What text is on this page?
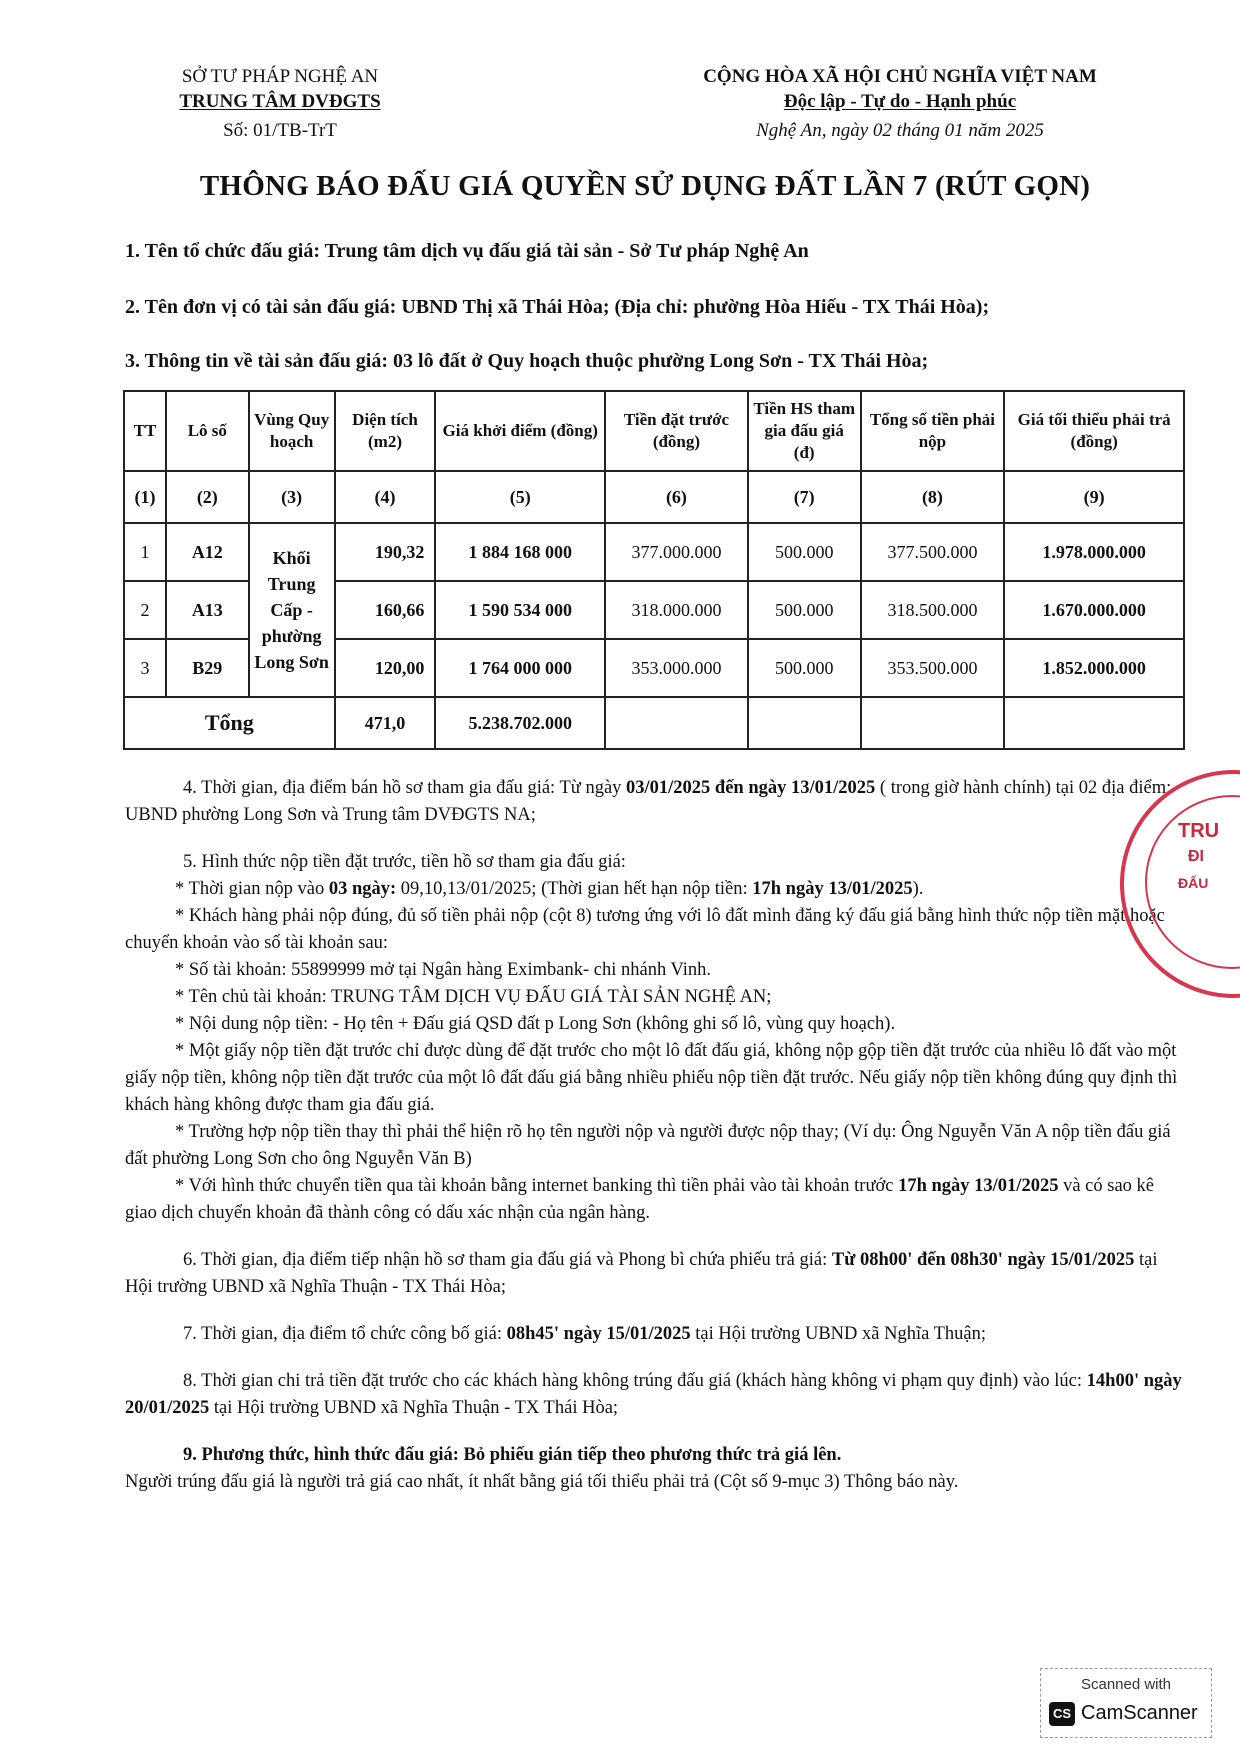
SỞ TƯ PHÁP NGHỆ AN
TRUNG TÂM DVĐGTS
Số: 01/TB-TrT
CỘNG HÒA XÃ HỘI CHỦ NGHĨA VIỆT NAM
Độc lập - Tự do - Hạnh phúc
Nghệ An, ngày 02 tháng 01 năm 2025
THÔNG BÁO ĐẤU GIÁ QUYỀN SỬ DỤNG ĐẤT LẦN 7 (RÚT GỌN)
1. Tên tổ chức đấu giá: Trung tâm dịch vụ đấu giá tài sản - Sở Tư pháp Nghệ An
2. Tên đơn vị có tài sản đấu giá: UBND Thị xã Thái Hòa; (Địa chỉ: phường Hòa Hiếu - TX Thái Hòa);
3. Thông tin về tài sản đấu giá: 03 lô đất ở Quy hoạch thuộc phường Long Sơn - TX Thái Hòa;
TT	Lô số	Vùng Quy hoạch	Diện tích (m2)	Giá khởi điểm (đồng)	Tiền đặt trước (đồng)	Tiền HS tham gia đấu giá (đ)	Tổng số tiền phải nộp	Giá tối thiểu phải trả (đồng)
(1)	(2)	(3)	(4)	(5)	(6)	(7)	(8)	(9)
1	A12	Khối Trung Cấp - phường Long Sơn	190,32	1 884 168 000	377.000.000	500.000	377.500.000	1.978.000.000
2	A13		160,66	1 590 534 000	318.000.000	500.000	318.500.000	1.670.000.000
3	B29		120,00	1 764 000 000	353.000.000	500.000	353.500.000	1.852.000.000
Tổng			471,0	5.238.702.000				

4. Thời gian, địa điểm bán hồ sơ tham gia đấu giá: Từ ngày 03/01/2025 đến ngày 13/01/2025 ( trong giờ hành chính) tại 02 địa điểm: UBND phường Long Sơn và Trung tâm DVĐGTS NA;

5. Hình thức nộp tiền đặt trước, tiền hồ sơ tham gia đấu giá:

* Thời gian nộp vào 03 ngày: 09,10,13/01/2025; (Thời gian hết hạn nộp tiền: 17h ngày 13/01/2025).

* Khách hàng phải nộp đúng, đủ số tiền phải nộp (cột 8) tương ứng với lô đất mình đăng ký đấu giá bằng hình thức nộp tiền mặt hoặc chuyển khoản vào số tài khoản sau:

* Số tài khoản: 55899999 mở tại Ngân hàng Eximbank- chi nhánh Vinh.

* Tên chủ tài khoản: TRUNG TÂM DỊCH VỤ ĐẤU GIÁ TÀI SẢN NGHỆ AN;

* Nội dung nộp tiền: - Họ tên + Đấu giá QSD đất p Long Sơn (không ghi số lô, vùng quy hoạch).

* Một giấy nộp tiền đặt trước chỉ được dùng để đặt trước cho một lô đất đấu giá, không nộp gộp tiền đặt trước của nhiều lô đất vào một giấy nộp tiền, không nộp tiền đặt trước của một lô đất đấu giá bằng nhiều phiếu nộp tiền đặt trước. Nếu giấy nộp tiền không đúng quy định thì khách hàng không được tham gia đấu giá.

* Trường hợp nộp tiền thay thì phải thể hiện rõ họ tên người nộp và người được nộp thay; (Ví dụ: Ông Nguyễn Văn A nộp tiền đấu giá đất phường Long Sơn cho ông Nguyễn Văn B)

* Với hình thức chuyển tiền qua tài khoản bằng internet banking thì tiền phải vào tài khoản trước 17h ngày 13/01/2025 và có sao kê giao dịch chuyển khoản đã thành công có dấu xác nhận của ngân hàng.

6. Thời gian, địa điểm tiếp nhận hồ sơ tham gia đấu giá và Phong bì chứa phiếu trả giá: Từ 08h00' đến 08h30' ngày 15/01/2025 tại Hội trường UBND xã Nghĩa Thuận - TX Thái Hòa;

7. Thời gian, địa điểm tổ chức công bố giá: 08h45' ngày 15/01/2025 tại Hội trường UBND xã Nghĩa Thuận;

8. Thời gian chi trả tiền đặt trước cho các khách hàng không trúng đấu giá (khách hàng không vi phạm quy định) vào lúc: 14h00' ngày 20/01/2025 tại Hội trường UBND xã Nghĩa Thuận - TX Thái Hòa;

9. Phương thức, hình thức đấu giá: Bỏ phiếu gián tiếp theo phương thức trả giá lên.

Người trúng đấu giá là người trả giá cao nhất, ít nhất bằng giá tối thiểu phải trả (Cột số 9-mục 3) Thông báo này.

TRU
ĐI
ĐẤU
Scanned with
CS CamScanner
